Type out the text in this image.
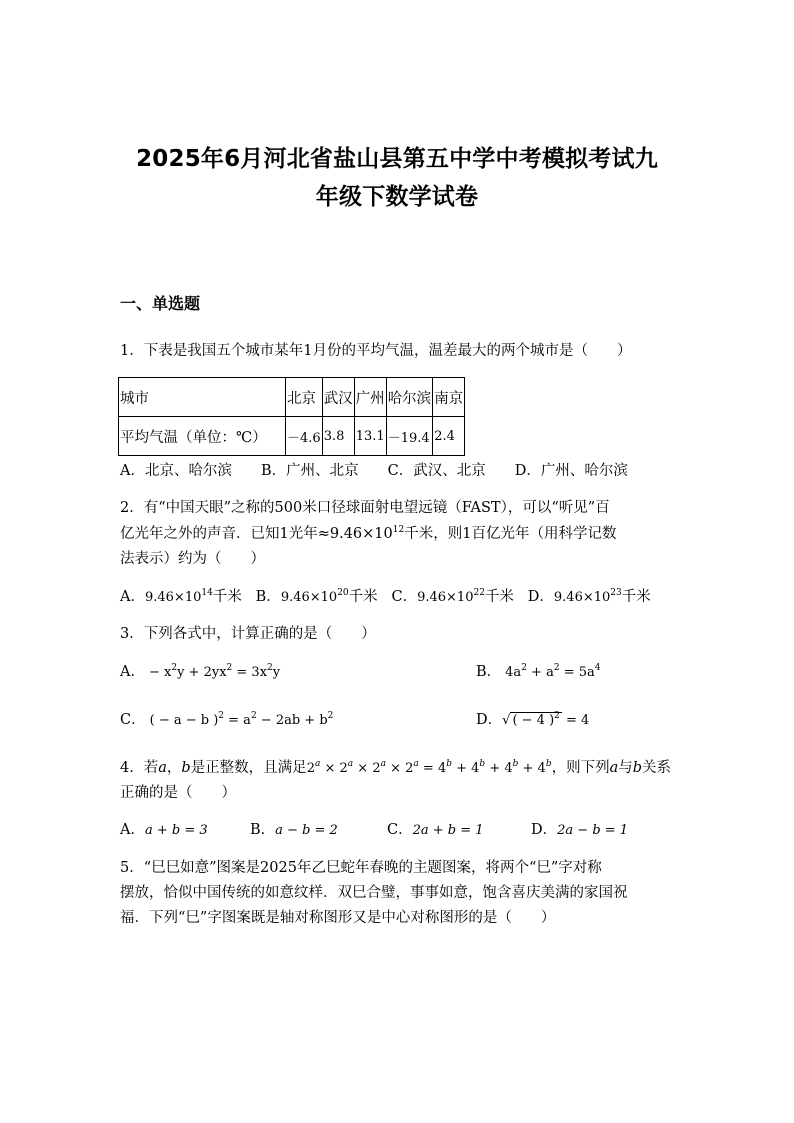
2025年6月河北省盐山县第五中学中考模拟考试九
年级下数学试卷
一、单选题
1．下表是我国五个城市某年1月份的平均气温，温差最大的两个城市是（　　）
城市	北京	武汉	广州	哈尔滨	南京
平均气温（单位：℃）	－4.6	3.8	13.1	－19.4	2.4
A．北京、哈尔滨　　B．广州、北京　　C．武汉、北京　　D．广州、哈尔滨
2．有“中国天眼”之称的500米口径球面射电望远镜（FAST），可以“听见”百
亿光年之外的声音．已知1光年$\approx 9.46\times 10^{12}$千米，则1百亿光年（用科学记数
法表示）约为（　　）
A．$9.46\times 10^{14}$千米 B．$9.46\times 10^{20}$千米 C．$9.46\times 10^{22}$千米 D．$9.46\times 10^{23}$千米
3．下列各式中，计算正确的是（　　）
A． − $x^2y + 2yx^2 = 3x^2y$	B． $4a^2 + a^2 = 5a^4$
C． ( − a − b )$^2 = a^2 - 2ab + b^2$	D．√ ( − 4 )$^2$ = 4
4．若a，b是正整数，且满足$2^a \times 2^a \times 2^a \times 2^a = 4^b + 4^b + 4^b + 4^b$，则下列a与b关系
正确的是（　　）
A．a + b = 3	B．a − b = 2	C．2a + b = 1	D．2a − b = 1
5．“巳巳如意”图案是2025年乙巳蛇年春晚的主题图案，将两个“巳”字对称
摆放，恰似中国传统的如意纹样．双巳合璧，事事如意，饱含喜庆美满的家国祝
福．下列“巳”字图案既是轴对称图形又是中心对称图形的是（　　）
